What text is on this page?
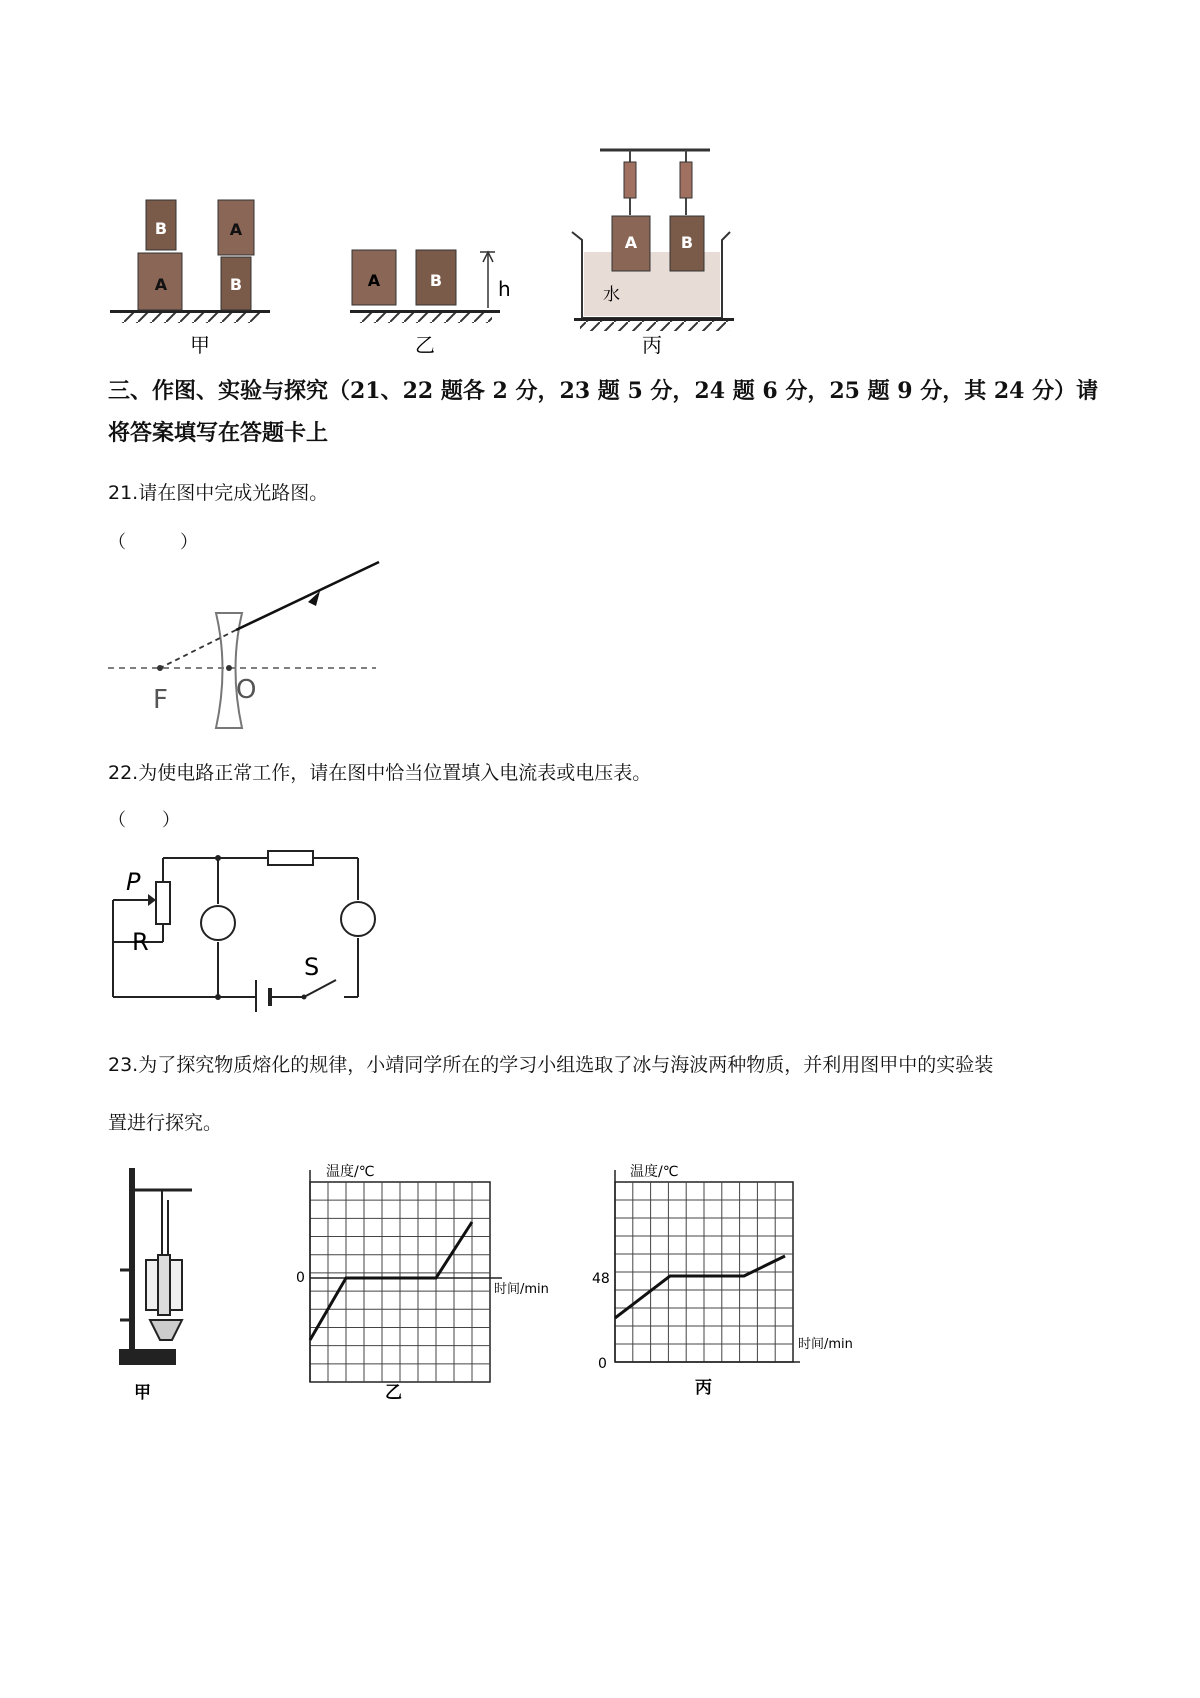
B
A
A
B
甲
A	B	h
乙
A	B
水
丙
三、作图、实验与探究（21、22 题各 2 分，23 题 5 分，24 题 6 分，25 题 9 分，其 24 分）请
将答案填写在答题卡上
21.请在图中完成光路图。
（　　　）
F	O
22.为使电路正常工作，请在图中恰当位置填入电流表或电压表。
（　　）
P
R
S
23.为了探究物质熔化的规律，小靖同学所在的学习小组选取了冰与海波两种物质，并利用图甲中的实验装
置进行探究。
甲
温度/℃
0
时间/min
乙
温度/℃
48
0
时间/min
丙
